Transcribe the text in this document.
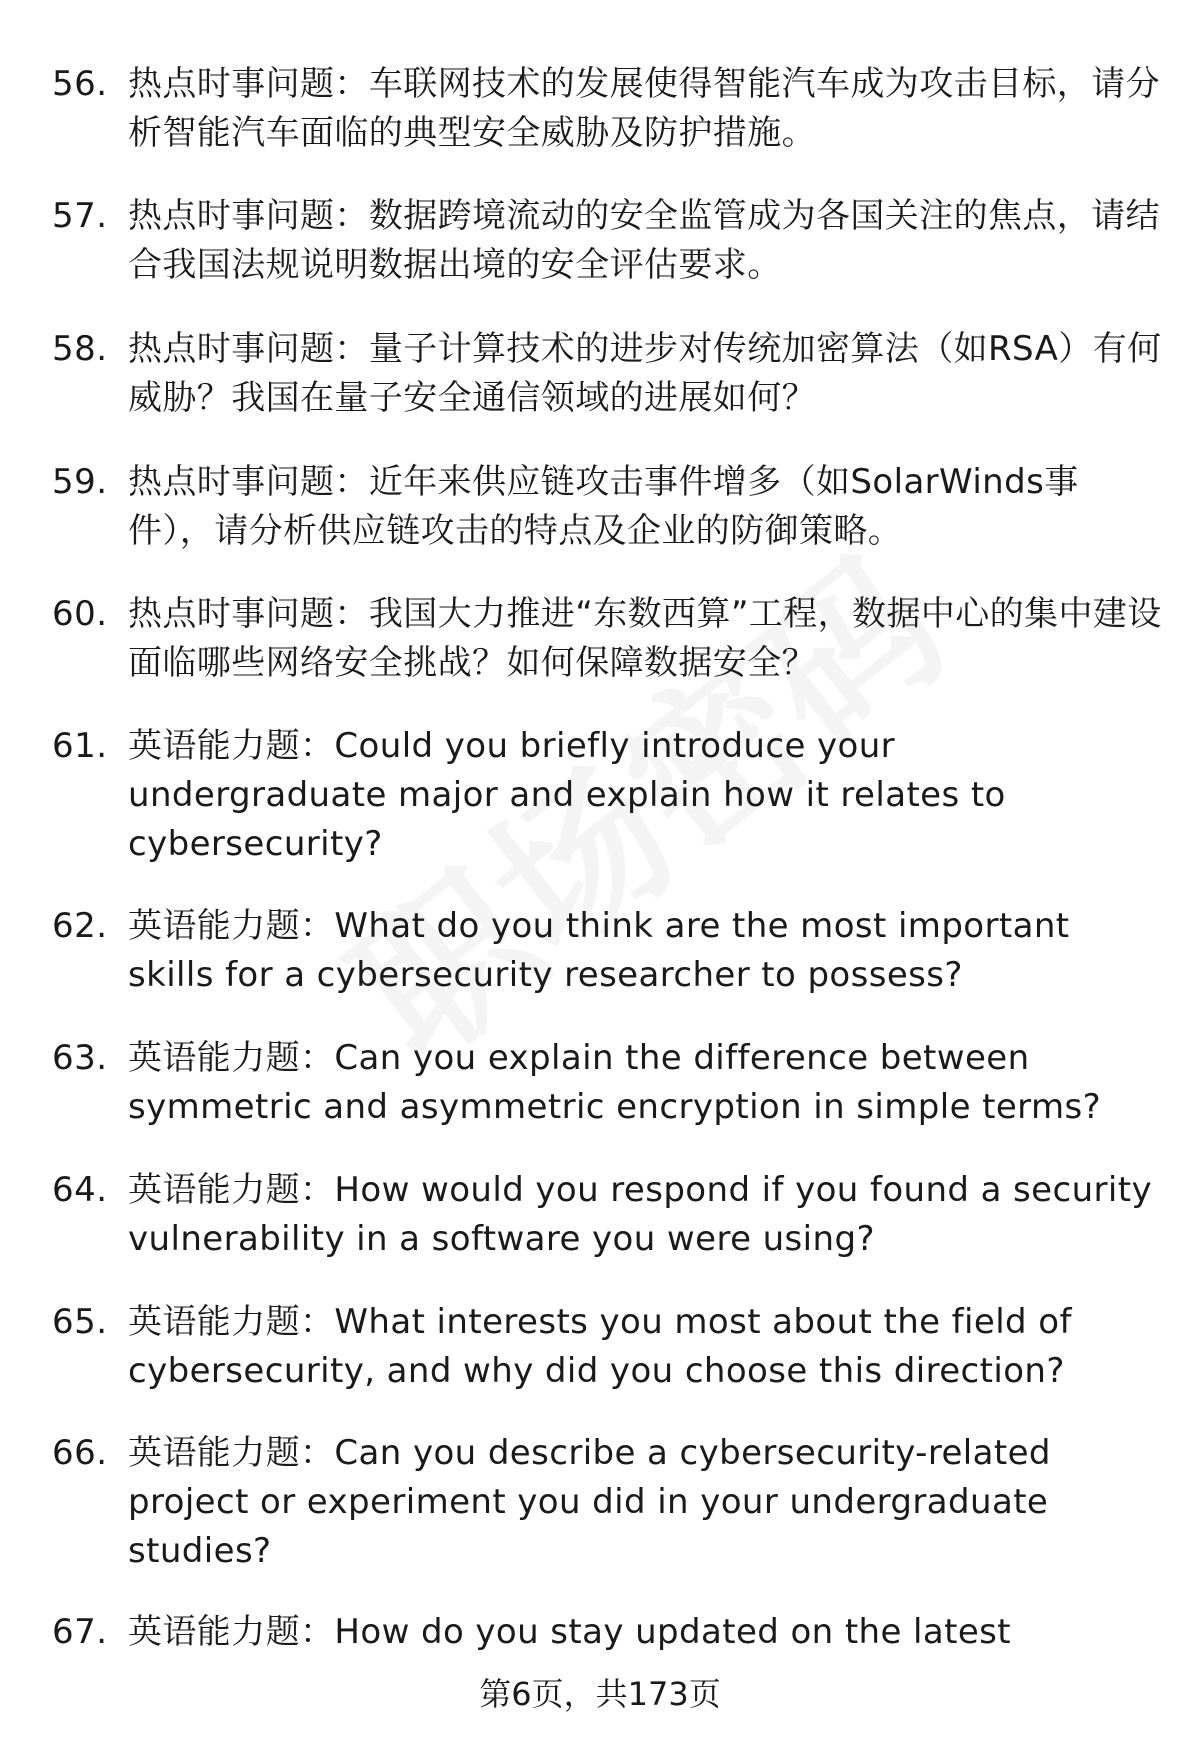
56. 热点时事问题：车联网技术的发展使得智能汽车成为攻击目标，请分析智能汽车面临的典型安全威胁及防护措施。
57. 热点时事问题：数据跨境流动的安全监管成为各国关注的焦点，请结合我国法规说明数据出境的安全评估要求。
58. 热点时事问题：量子计算技术的进步对传统加密算法（如RSA）有何威胁？我国在量子安全通信领域的进展如何？
59. 热点时事问题：近年来供应链攻击事件增多（如SolarWinds事件），请分析供应链攻击的特点及企业的防御策略。
60. 热点时事问题：我国大力推进“东数西算”工程，数据中心的集中建设面临哪些网络安全挑战？如何保障数据安全？
61. 英语能力题：Could you briefly introduce your undergraduate major and explain how it relates to cybersecurity?
62. 英语能力题：What do you think are the most important skills for a cybersecurity researcher to possess?
63. 英语能力题：Can you explain the difference between symmetric and asymmetric encryption in simple terms?
64. 英语能力题：How would you respond if you found a security vulnerability in a software you were using?
65. 英语能力题：What interests you most about the field of cybersecurity, and why did you choose this direction?
66. 英语能力题：Can you describe a cybersecurity-related project or experiment you did in your undergraduate studies?
67. 英语能力题：How do you stay updated on the latest
第6页，共173页
